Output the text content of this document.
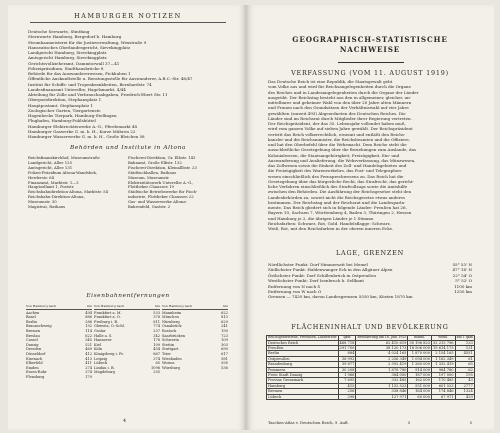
HAMBURGER NOTIZEN
Deutsche Seewarte, Stintfang
Sternwarte Hamburg, Bergedorf b. Hamburg
Strombaumeisterei für die Justizverwaltung, Wexstraße 9
Hanseatisches Oberlandesgericht, Sievekingplatz
Landgericht Hamburg, Sievekingplatz
Amtsgericht Hamburg, Sievekingplatz
Gerichtsvollzieheramt, Dammtorwall 37—41
Polizeipräsidium, Stadthausbrücke 8
Behörde für das Auswandererwesen, Pickhuben 1
Öffentliche Auskunftstelle u. Beratungsstelle für Auswanderer, A.B.C.-Str. 46/47
Institut für Schiffs- und Tropenkrankheiten, Bernhardstr. 74
Landesfinanzamt Unterelbe, Hagelsmarkt, 4/44
Abteilung für Zölle und Verbrauchsabgaben, Friedrich-Ebert Str. 11
Oberpostdirektion, Stephansplatz 1
Hauptpostamt, Stephansplatz 1
Zoologischer Garten, Tiergartenstr.
Hagenbecks Tierpark, Hamburg-Stellingen
Flughafen, Hamburg-Fuhlsbüttel
Hamburger Elektricitätswerke A.-G., Pferdemarkt 48
Hamburger Gaswerke G. m. b. H., Kurze Mühren 22
Hamburger Wasserwerke G. m. b. H., Große Bleichen 58
Behörden und Institute in Altona
Reichsfinanzkirchhof, Museumstraße
Landgericht, Allee 125
Amtsgericht, Allee 131
Polizei-Präsidium Altona-Wandsbek,
Herderstr. 64
Finanzamt, Marktstr. 1—3
Hauptzollamt 1, Poststr.
Reichsbahndirektion-Altona, Marktstr. 54
Reichsbahn-Direktion-Altona,
Museumstr. 30
Magistrat, Rathaus
Fischerei-Direktion, Gr. Elbstr. 143
Bahnamt, Große Elbstr. 132
Fischerei-Direktion, Kleinallbstr. 23
Städtischhallen, Rathaus
Museum, Museumstr.
Elektrizitätswerk Unterelbe A.-G.,
Flottbeker Chaussee 19
Städtische Betriebswerke für Fisch-
industrie, Flottbeker Chaussee 22
Gas- und Wasserwerke Altona-
Bahrenfeld, Gaststr. 2
Eisenbahnentfernungen
Von Hamburg nach	km
Aachen	494
Basel	886
Berlin	286
Braunschweig	192
Bremen	114
Breslau	622
Cassel	345
Danzig	521
Dresden	469
Düsseldorf	412
Eisenach	413
Elberfeld	411
Emden	274
Essen-Ruhr	374
Flensburg	179
Von Hamburg nach	km
Frankfurt a. M.	533
Frankfurt a. O.	378
Freiburg i. B.	811
Gleiwitz, O.-Schl.	774
Goslar	237
Halle a. S.	342
Hannover	178
Kiel	109
Köln	454
Königsberg i. Pr.	867
Leipzig	374
Lübeck	65
Lindau i. B.	1096
Magdeburg	255
Von Hamburg nach	km
Mannheim	622
München	813
Nürnberg	629
Osnabrück	241
Rostock	190
Saarbrücken	723
Schwerin	109
Stettin	303
Stuttgart	690
Trier	617
Wiesbaden	581
Worms	595
Würzburg	536
4
GEOGRAPHISCH-STATISTISCHE
NACHWEISE
VERFASSUNG (VOM 11. AUGUST 1919)
Das Deutsche Reich ist eine Republik, die Staatsgewalt geht
vom Volke aus und wird für Reichsangelegenheiten durch die Organe
des Reiches und in Landesangelegenheiten durch die Organe der Länder
ausgeübt. Der Reichstag besteht aus den in allgemeiner, gleicher, un-
mittelbarer und geheimer Wahl von den über 20 Jahre alten Männern
und Frauen nach den Grundsätzen der Verhältniswahl auf vier Jahre
gewählten (zurzeit 493) Abgeordneten des Deutschen Reiches. Die
Länder sind im Reichsrat durch Mitglieder ihrer Regierung vertreten.
Der Reichspräsident, der das 35. Lebensjahr vollendet haben muß,
wird vom ganzen Volke auf sieben Jahre gewählt. Der Reichspräsident
vertritt das Reich völkerrechtlich, ernennt und entläßt den Reichs-
kanzler und die Reichsminister, die Reichsbeamten und die Offiziere,
und hat den Oberbefehl über die Wehrmacht. Dem Reiche steht die
ausschließliche Gesetzgebung über die Beziehungen zum Auslande, das
Kolonialwesen, die Staatsangehörigkeit, Freizügigkeit, Ein- und
Auswanderung und Auslieferung, die Wehrverfassung, das Münzwesen,
das Zollwesen sowie die Einheit des Zoll- und Handelsgebietes und
die Freizügigkeit des Warenverkehrs, das Post- und Telegraphen-
wesen einschließlich des Fernsprechwesens zu. Das Reich hat die
Gesetzgebung über das bürgerliche Recht, das Strafrecht, das gericht-
liche Verfahren einschließlich des Strafvollzugs sowie die Amtshilfe
zwischen den Behörden. Die Ausführung der Reichsgesetze steht den
Landesbehörden zu, soweit nicht die Reichsgesetze etwas anderes
bestimmen. Der Reichstag und der Reichsrat und die Landesparla-
mente. Das Reich gliedert sich in folgende Länder: Preußen hat 26,
Bayern 10, Sachsen 7, Württemberg 4, Baden 3, Thüringen 2, Hessen
und Hamburg je 2, die übrigen Länder je 1 Stimme.
Reichsfarben: Schwarz, Rot, Gold. Handelsflagge: Schwarz,
Weiß, Rot, mit den Reichsfarben in der oberen inneren Ecke.
LAGE, GRENZEN
Nördlichster Punkt: Dorf Nimmersatt bei Memel	55° 53' N
Südlichster Punkt: Haldenwanger Eck in den Allgäuer Alpen	47° 16' N
Östlichster Punkt: Dorf Schillenbrück in Ostpreußen	22° 54' O
Westlichster Punkt: Dorf Isenbruch b. Selfkant	5° 52' O
Entfernung von N nach S	1100 km
Entfernung von W nach O	1250 km
Grenzen — 7420 km, davon Landesgrenzen 5550 km, Küsten 1870 km
FLÄCHENINHALT UND BEVÖLKERUNG
Reichsgebietsteile, Provinzen, Landesteile	qkm	Bevölkerung am 16. Juni 1925	männl.	weibl.	auf 1 qkm
Deutsches Reich	468 718	62 410 619	30 196 823	32 213 796	133
Preußen	291 700	38 120 173	18 506 000	19 614 173	131
Berlin	884	4 024 165	1 870 000	2 154 165	4551
Ostpreußen	36 992	2 256 349	1 094 000	1 162 349	61
Brandenburg	39 877	2 592 419	1 260 000	1 332 419	65
Pommern	30 208	1 878 780	914 000	964 780	62
Freie Stadt Danzig	1 966	384 000	187 000	197 000	195
Provinz Grenzmark	7 695	332 485	162 000	170 485	43
Hamburg	415	1 152 523	551 000	601 523	2777
Bremen	256	338 846	164 000	174 846	1324
Lübeck	298	127 971	60 000	67 971	429
Taschen-Atlas v. Deutschen Reich, 9. Aufl.	5	5
